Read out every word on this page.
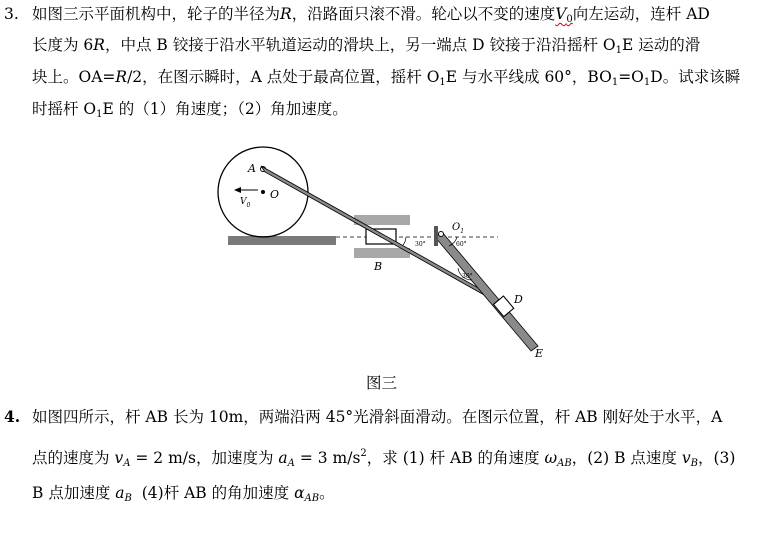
3. 如图三示平面机构中，轮子的半径为R，沿路面只滚不滑。轮心以不变的速度$V_0$向左运动，连杆 AD
长度为 6R，中点 B 铰接于沿水平轨道运动的滑块上，另一端点 D 铰接于沿沿摇杆 $O_1E$ 运动的滑
块上。OA=R/2，在图示瞬时，A 点处于最高位置，摇杆 $O_1E$ 与水平线成 60°，$BO_1=O_1D$。试求该瞬
时摇杆 $O_1E$ 的（1）角速度；（2）角加速度。
A
O
$V_0$
B
$O_1$
D
E
30°	60°
30°
图三
4. 如图四所示，杆 AB 长为 10m，两端沿两 45°光滑斜面滑动。在图示位置，杆 AB 刚好处于水平，A
点的速度为 $v_A = 2$ m/s，加速度为 $a_A = 3$ $m/s^2$，求 (1) 杆 AB 的角速度 $\omega_{AB}$，(2) B 点速度 $v_B$，(3)
B 点加速度 $a_B$ (4)杆 AB 的角加速度 $\alpha_{AB}$。
